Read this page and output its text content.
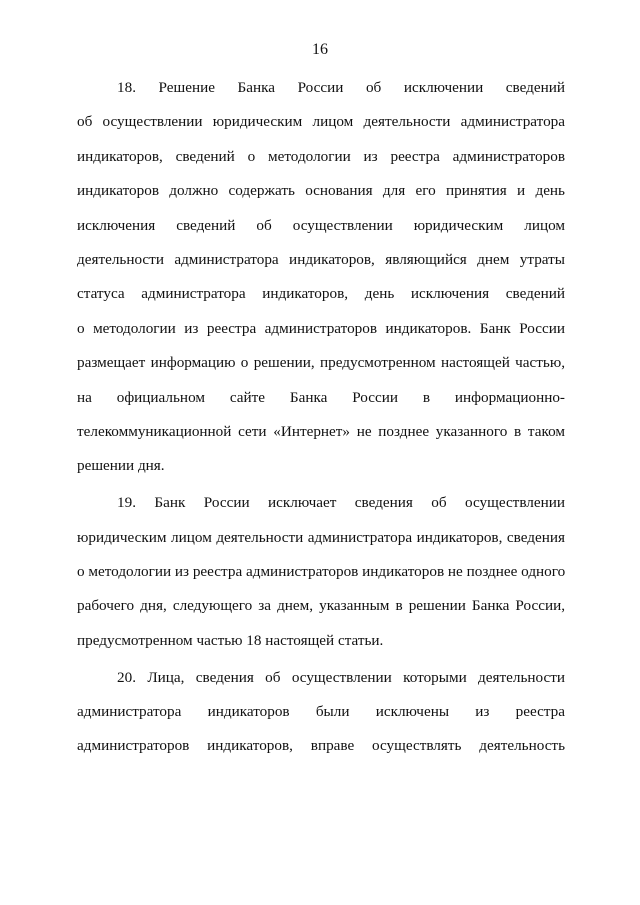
16
18. Решение Банка России об исключении сведений
об осуществлении юридическим лицом деятельности администратора
индикаторов, сведений о методологии из реестра администраторов
индикаторов должно содержать основания для его принятия и день
исключения сведений об осуществлении юридическим лицом
деятельности администратора индикаторов, являющийся днем утраты
статуса администратора индикаторов, день исключения сведений
о методологии из реестра администраторов индикаторов. Банк России
размещает информацию о решении, предусмотренном настоящей частью,
на официальном сайте Банка России в информационно-
телекоммуникационной сети «Интернет» не позднее указанного в таком
решении дня.
19. Банк России исключает сведения об осуществлении
юридическим лицом деятельности администратора индикаторов, сведения
о методологии из реестра администраторов индикаторов не позднее одного
рабочего дня, следующего за днем, указанным в решении Банка России,
предусмотренном частью 18 настоящей статьи.
20. Лица, сведения об осуществлении которыми деятельности
администратора индикаторов были исключены из реестра
администраторов индикаторов, вправе осуществлять деятельность
